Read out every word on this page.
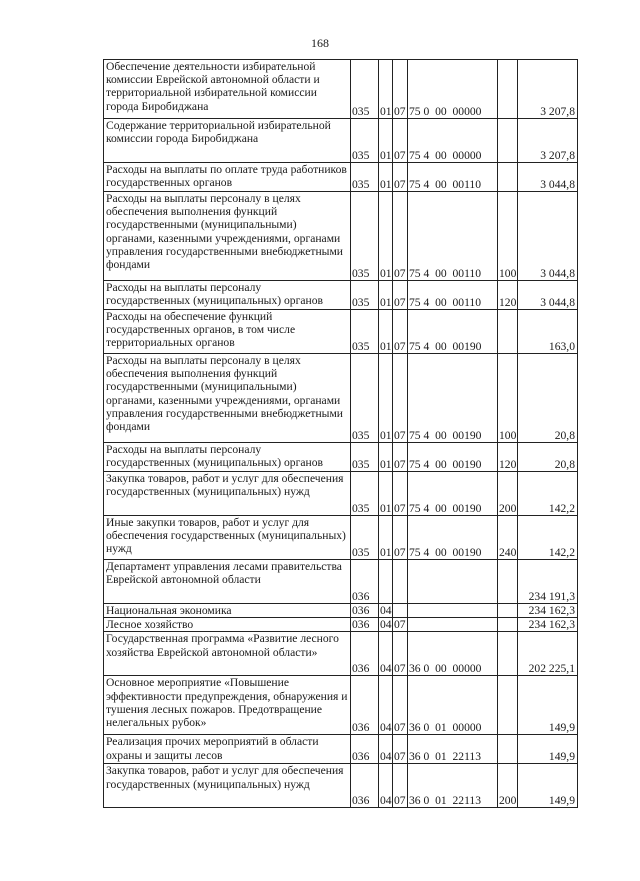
168
Обеспечение деятельности избирательной комиссии Еврейской автономной области и территориальной избирательной комиссии города Биробиджана	035	01	07	75 0  00  00000		3 207,8
Содержание территориальной избирательной комиссии города Биробиджана	035	01	07	75 4  00  00000		3 207,8
Расходы на выплаты по оплате труда работников государственных органов	035	01	07	75 4  00  00110		3 044,8
Расходы на выплаты персоналу в целях обеспечения выполнения функций государственными (муниципальными) органами, казенными учреждениями, органами управления государственными внебюджетными фондами	035	01	07	75 4  00  00110	100	3 044,8
Расходы на выплаты персоналу государственных (муниципальных) органов	035	01	07	75 4  00  00110	120	3 044,8
Расходы на обеспечение функций государственных органов, в том числе территориальных органов	035	01	07	75 4  00  00190		163,0
Расходы на выплаты персоналу в целях обеспечения выполнения функций государственными (муниципальными) органами, казенными учреждениями, органами управления государственными внебюджетными фондами	035	01	07	75 4  00  00190	100	20,8
Расходы на выплаты персоналу государственных (муниципальных) органов	035	01	07	75 4  00  00190	120	20,8
Закупка товаров, работ и услуг для обеспечения государственных (муниципальных) нужд	035	01	07	75 4  00  00190	200	142,2
Иные закупки товаров, работ и услуг для обеспечения государственных (муниципальных) нужд	035	01	07	75 4  00  00190	240	142,2
Департамент управления лесами правительства Еврейской автономной области	036					234 191,3
Национальная экономика	036	04				234 162,3
Лесное хозяйство	036	04	07			234 162,3
Государственная программа «Развитие лесного хозяйства Еврейской автономной области»	036	04	07	36 0  00  00000		202 225,1
Основное мероприятие «Повышение эффективности предупреждения, обнаружения и тушения лесных пожаров. Предотвращение нелегальных рубок»	036	04	07	36 0  01  00000		149,9
Реализация прочих мероприятий в области охраны и защиты лесов	036	04	07	36 0  01  22113		149,9
Закупка товаров, работ и услуг для обеспечения государственных (муниципальных) нужд	036	04	07	36 0  01  22113	200	149,9
